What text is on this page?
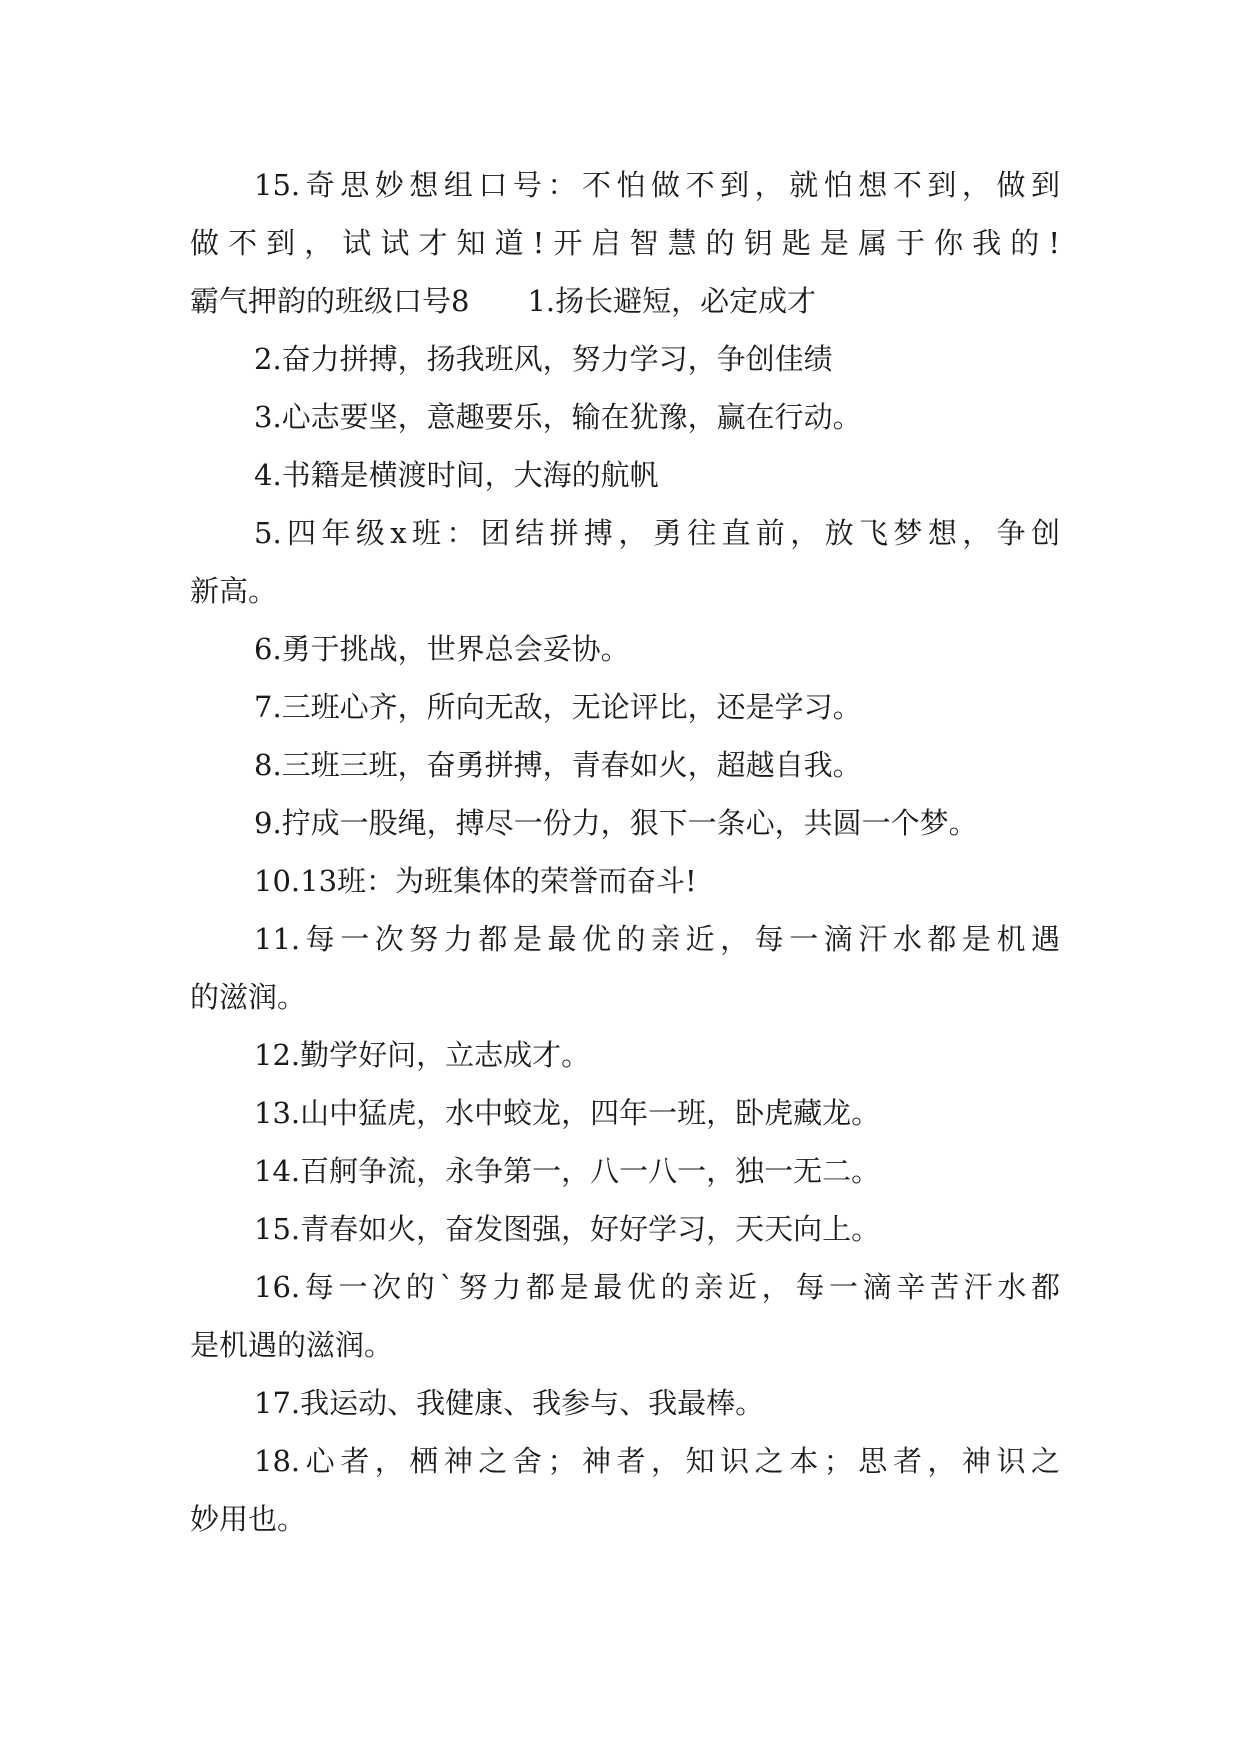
15.奇思妙想组口号：不怕做不到，就怕想不到，做到
做不到，试试才知道!开启智慧的钥匙是属于你我的!
霸气押韵的班级口号8 1.扬长避短，必定成才
2.奋力拼搏，扬我班风，努力学习，争创佳绩
3.心志要坚，意趣要乐，输在犹豫，赢在行动。
4.书籍是横渡时间，大海的航帆
5.四年级x班：团结拼搏，勇往直前，放飞梦想，争创
新高。
6.勇于挑战，世界总会妥协。
7.三班心齐，所向无敌，无论评比，还是学习。
8.三班三班，奋勇拼搏，青春如火，超越自我。
9.拧成一股绳，搏尽一份力，狠下一条心，共圆一个梦。
10.13班：为班集体的荣誉而奋斗!
11.每一次努力都是最优的亲近，每一滴汗水都是机遇
的滋润。
12.勤学好问，立志成才。
13.山中猛虎，水中蛟龙，四年一班，卧虎藏龙。
14.百舸争流，永争第一，八一八一，独一无二。
15.青春如火，奋发图强，好好学习，天天向上。
16.每一次的`努力都是最优的亲近，每一滴辛苦汗水都
是机遇的滋润。
17.我运动、我健康、我参与、我最棒。
18.心者，栖神之舍；神者，知识之本；思者，神识之
妙用也。
